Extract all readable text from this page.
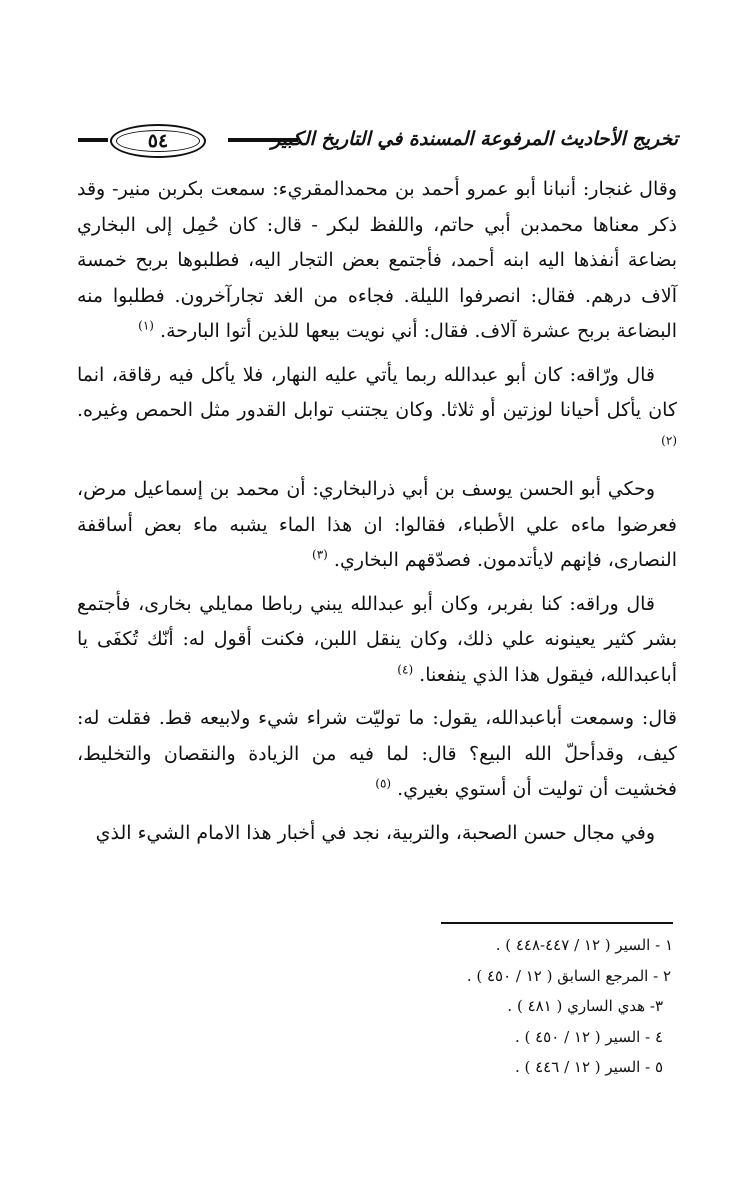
تخريج الأحاديث المرفوعة المسندة في التاريخ الكبير
٥٤

وقال غنجار: أنبانا أبو عمرو أحمد بن محمدالمقريء: سمعت بكربن منير- وقد ذكر معناها محمدبن أبي حاتم، واللفظ لبكر - قال: كان حُمِل إلى البخاري بضاعة أنفذها اليه ابنه أحمد، فأجتمع بعض التجار اليه، فطلبوها بربح خمسة آلاف درهم. فقال: انصرفوا الليلة. فجاءه من الغد تجارآخرون. فطلبوا منه البضاعة بربح عشرة آلاف. فقال: أني نويت بيعها للذين أتوا البارحة. $^{(١)}$

قال ورّاقه: كان أبو عبدالله ربما يأتي عليه النهار، فلا يأكل فيه رقاقة، انما كان يأكل أحيانا لوزتين أو ثلاثا. وكان يجتنب توابل القدور مثل الحمص وغيره. $^{(٢)}$

وحكي أبو الحسن يوسف بن أبي ذرالبخاري: أن محمد بن إسماعيل مرض، فعرضوا ماءه علي الأطباء، فقالوا: ان هذا الماء يشبه ماء بعض أساقفة النصارى، فإنهم لايأتدمون. فصدّقهم البخاري. $^{(٣)}$

قال وراقه: كنا بفربر، وكان أبو عبدالله يبني رباطا ممايلي بخارى، فأجتمع بشر كثير يعينونه علي ذلك، وكان ينقل اللبن، فكنت أقول له: أنّك تُكفَى يا أباعبدالله، فيقول هذا الذي ينفعنا. $^{(٤)}$

قال: وسمعت أباعبدالله، يقول: ما توليّت شراء شيء ولابيعه قط. فقلت له: كيف، وقدأحلّ الله البيع؟ قال: لما فيه من الزيادة والنقصان والتخليط، فخشيت أن توليت أن أستوي بغيري. $^{(٥)}$

وفي مجال حسن الصحبة، والتربية، نجد في أخبار هذا الامام الشيء الذي

١ - السير ( ١٢ / ٤٤٧-٤٤٨ ) .
٢ - المرجع السابق ( ١٢ / ٤٥٠ ) .
٣- هدي الساري ( ٤٨١ ) .
٤ - السير ( ١٢ / ٤٥٠ ) .
٥ - السير ( ١٢ / ٤٤٦ ) .
